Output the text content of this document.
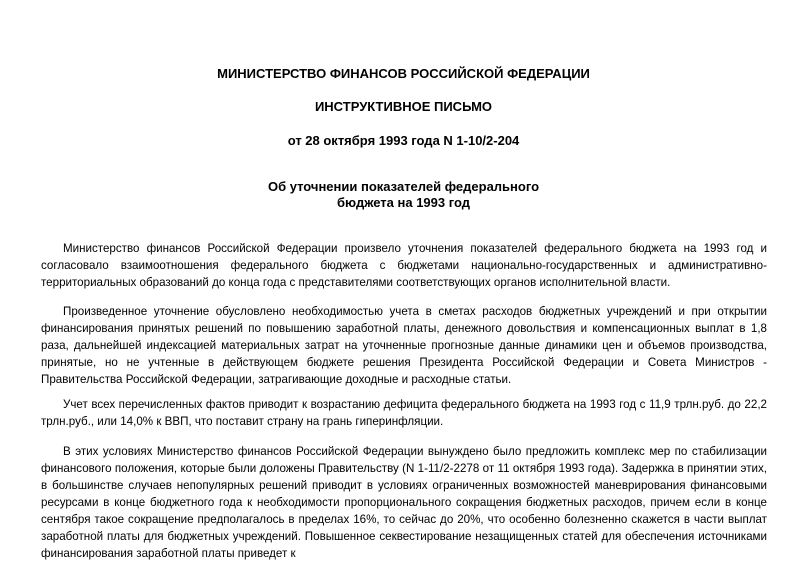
МИНИСТЕРСТВО ФИНАНСОВ РОССИЙСКОЙ ФЕДЕРАЦИИ
ИНСТРУКТИВНОЕ ПИСЬМО
от 28 октября 1993 года N 1-10/2-204
Об уточнении показателей федерального
бюджета на 1993 год

Министерство финансов Российской Федерации произвело уточнения показателей федерального бюджета на 1993 год и согласовало взаимоотношения федерального бюджета с бюджетами национально-государственных и административно-территориальных образований до конца года с представителями соответствующих органов исполнительной власти.

Произведенное уточнение обусловлено необходимостью учета в сметах расходов бюджетных учреждений и при открытии финансирования принятых решений по повышению заработной платы, денежного довольствия и компенсационных выплат в 1,8 раза, дальнейшей индексацией материальных затрат на уточненные прогнозные данные динамики цен и объемов производства, принятые, но не учтенные в действующем бюджете решения Президента Российской Федерации и Совета Министров - Правительства Российской Федерации, затрагивающие доходные и расходные статьи.

Учет всех перечисленных фактов приводит к возрастанию дефицита федерального бюджета на 1993 год с 11,9 трлн.руб. до 22,2 трлн.руб., или 14,0% к ВВП, что поставит страну на грань гиперинфляции.

В этих условиях Министерство финансов Российской Федерации вынуждено было предложить комплекс мер по стабилизации финансового положения, которые были доложены Правительству (N 1-11/2-2278 от 11 октября 1993 года). Задержка в принятии этих, в большинстве случаев непопулярных решений приводит в условиях ограниченных возможностей маневрирования финансовыми ресурсами в конце бюджетного года к необходимости пропорционального сокращения бюджетных расходов, причем если в конце сентября такое сокращение предполагалось в пределах 16%, то сейчас до 20%, что особенно болезненно скажется в части выплат заработной платы для бюджетных учреждений. Повышенное секвестирование незащищенных статей для обеспечения источниками финансирования заработной платы приведет к
